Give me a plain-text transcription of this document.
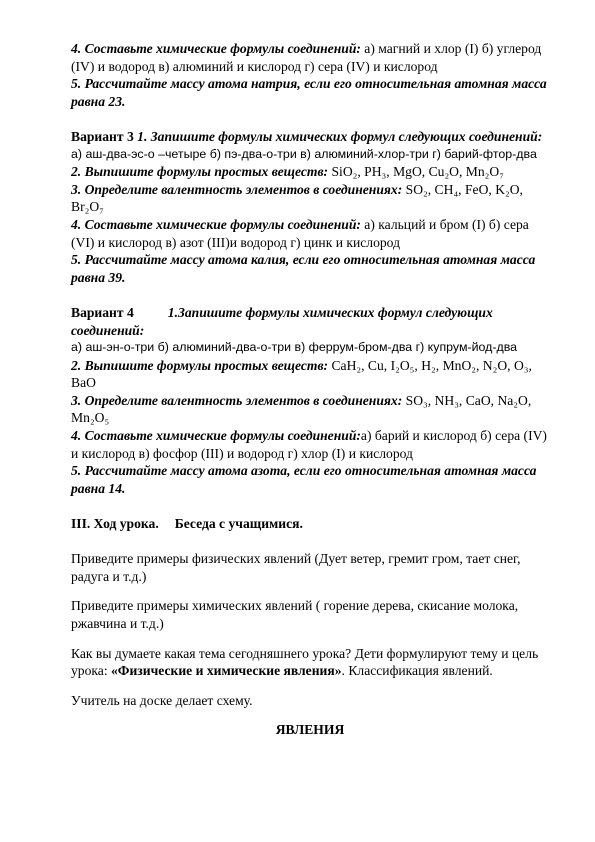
4. Составьте химические формулы соединений: а) магний и хлор (I) б) углерод (IV) и водород в) алюминий и кислород г) сера (IV) и кислород

5. Рассчитайте массу атома натрия, если его относительная атомная масса равна 23.

Вариант 3 1. Запишите формулы химических формул следующих соединений:

а) аш-два-эс-о –четыре б) пэ-два-о-три в) алюминий-хлор-три г) барий-фтор-два

2. Выпишите формулы простых веществ: SiO₂, PH₃, MgO, Cu₂O, Mn₂O₇

3. Определите валентность элементов в соединениях: SO₂, CH₄, FeO, K₂O, Br₂O₇

4. Составьте химические формулы соединений: а) кальций и бром (I) б) сера (VI) и кислород в) азот (III)и водород г) цинк и кислород

5. Рассчитайте массу атома калия, если его относительная атомная масса равна 39.

Вариант 4	1.Запишите формулы химических формул следующих соединений:

а) аш-эн-о-три б) алюминий-два-о-три в) феррум-бром-два г) купрум-йод-два

2. Выпишите формулы простых веществ: CaH₂, Cu, I₂O₅, H₂, MnO₂, N₂O, O₃, BaO

3. Определите валентность элементов в соединениях: SO₃, NH₃, CaO, Na₂O, Mn₂O₅

4. Составьте химические формулы соединений:а) барий и кислород б) сера (IV) и кислород в) фосфор (III) и водород г) хлор (I) и кислород

5. Рассчитайте массу атома азота, если его относительная атомная масса равна 14.

III. Ход урока. Беседа с учащимися.

Приведите примеры физических явлений (Дует ветер, гремит гром, тает снег, радуга и т.д.)

Приведите примеры химических явлений ( горение дерева, скисание молока, ржавчина и т.д.)

Как вы думаете какая тема сегодняшнего урока? Дети формулируют тему и цель урока: «Физические и химические явления». Классификация явлений.

Учитель на доске делает схему.

ЯВЛЕНИЯ
